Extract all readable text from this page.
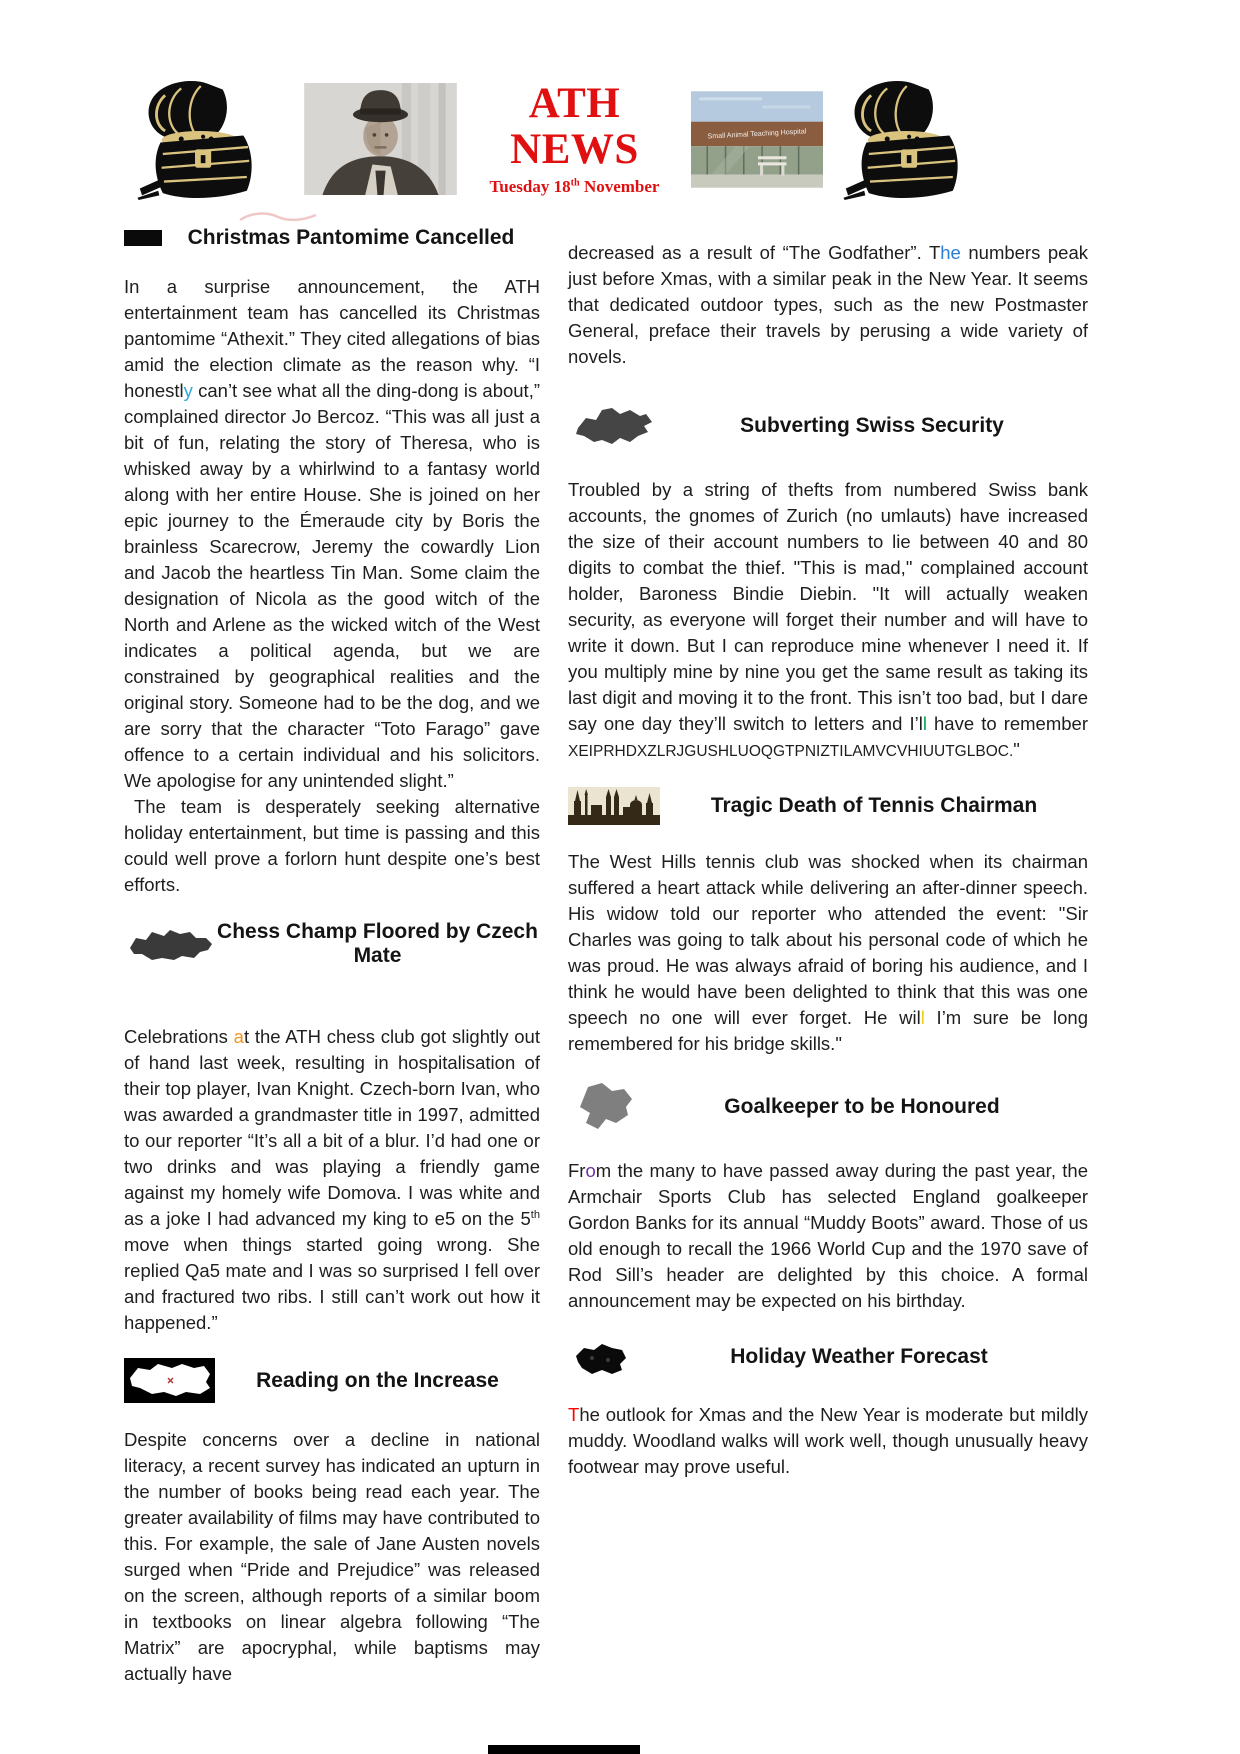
ATH NEWS
Tuesday 18th November
Small Animal Teaching Hospital
Christmas Pantomime Cancelled

In a surprise announcement, the ATH entertainment team has cancelled its Christmas pantomime “Athexit.” They cited allegations of bias amid the election climate as the reason why. “I honestly can’t see what all the ding-dong is about,” complained director Jo Bercoz. “This was all just a bit of fun, relating the story of Theresa, who is whisked away by a whirlwind to a fantasy world along with her entire House. She is joined on her epic journey to the Émeraude city by Boris the brainless Scarecrow, Jeremy the cowardly Lion and Jacob the heartless Tin Man. Some claim the designation of Nicola as the good witch of the North and Arlene as the wicked witch of the West indicates a political agenda, but we are constrained by geographical realities and the original story. Someone had to be the dog, and we are sorry that the character “Toto Farago” gave offence to a certain individual and his solicitors. We apologise for any unintended slight.”

The team is desperately seeking alternative holiday entertainment, but time is passing and this could well prove a forlorn hunt despite one’s best efforts.

Chess Champ Floored by Czech Mate

Celebrations at the ATH chess club got slightly out of hand last week, resulting in hospitalisation of their top player, Ivan Knight. Czech-born Ivan, who was awarded a grandmaster title in 1997, admitted to our reporter “It’s all a bit of a blur. I’d had one or two drinks and was playing a friendly game against my homely wife Domova. I was white and as a joke I had advanced my king to e5 on the 5th move when things started going wrong. She replied Qa5 mate and I was so surprised I fell over and fractured two ribs. I still can’t work out how it happened.”

Reading on the Increase

Despite concerns over a decline in national literacy, a recent survey has indicated an upturn in the number of books being read each year. The greater availability of films may have contributed to this. For example, the sale of Jane Austen novels surged when “Pride and Prejudice” was released on the screen, although reports of a similar boom in textbooks on linear algebra following “The Matrix” are apocryphal, while baptisms may actually have

decreased as a result of “The Godfather”. The numbers peak just before Xmas, with a similar peak in the New Year. It seems that dedicated outdoor types, such as the new Postmaster General, preface their travels by perusing a wide variety of novels.

Subverting Swiss Security

Troubled by a string of thefts from numbered Swiss bank accounts, the gnomes of Zurich (no umlauts) have increased the size of their account numbers to lie between 40 and 80 digits to combat the thief. "This is mad," complained account holder, Baroness Bindie Diebin. "It will actually weaken security, as everyone will forget their number and will have to write it down. But I can reproduce mine whenever I need it. If you multiply mine by nine you get the same result as taking its last digit and moving it to the front. This isn’t too bad, but I dare say one day they’ll switch to letters and I’ll have to remember XEIPRHDXZLRJGUSHLUOQGTPNIZTILAMVCVHIUUTGLBOC."

Tragic Death of Tennis Chairman

The West Hills tennis club was shocked when its chairman suffered a heart attack while delivering an after-dinner speech. His widow told our reporter who attended the event: "Sir Charles was going to talk about his personal code of which he was proud. He was always afraid of boring his audience, and I think he would have been delighted to think that this was one speech no one will ever forget. He will I’m sure be long remembered for his bridge skills."

Goalkeeper to be Honoured

From the many to have passed away during the past year, the Armchair Sports Club has selected England goalkeeper Gordon Banks for its annual “Muddy Boots” award. Those of us old enough to recall the 1966 World Cup and the 1970 save of Rod Sill’s header are delighted by this choice. A formal announcement may be expected on his birthday.

Holiday Weather Forecast

The outlook for Xmas and the New Year is moderate but mildly muddy. Woodland walks will work well, though unusually heavy footwear may prove useful.
